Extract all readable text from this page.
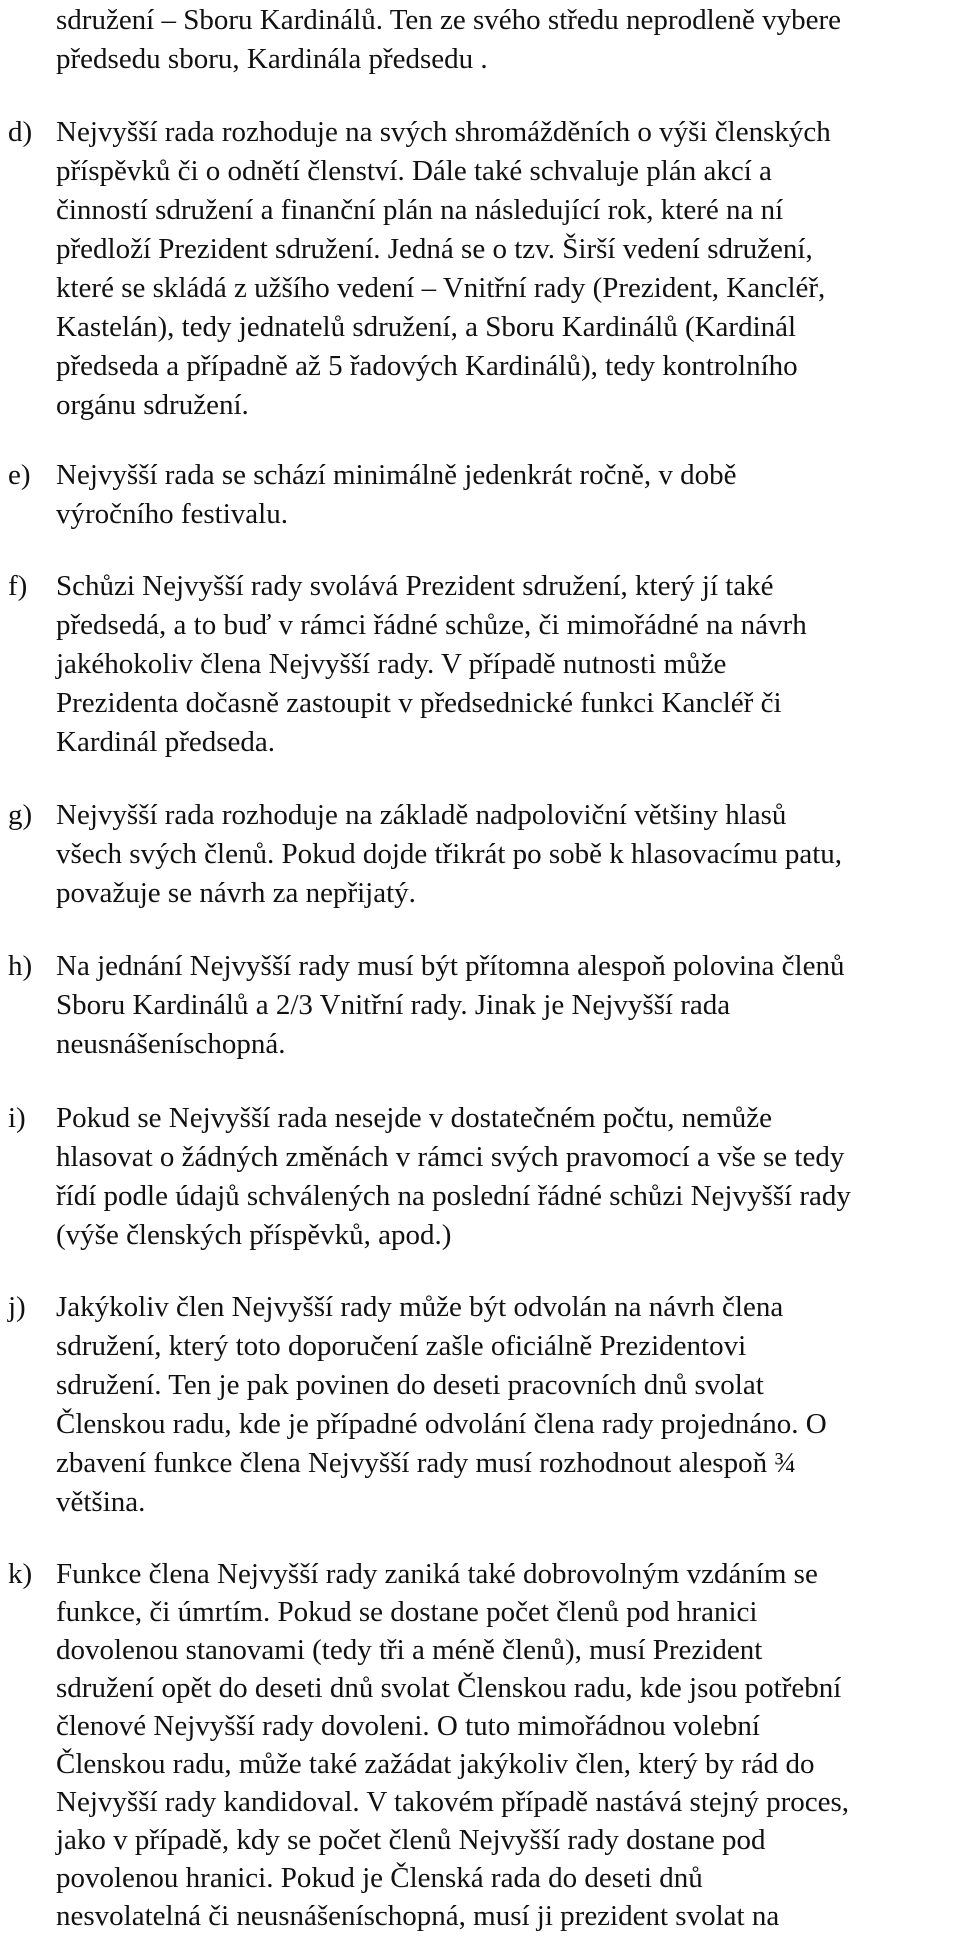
sdružení – Sboru Kardinálů. Ten ze svého středu neprodleně vybere
předsedu sboru, Kardinála předsedu .
d) Nejvyšší rada rozhoduje na svých shromážděních o výši členských
příspěvků či o odnětí členství. Dále také schvaluje plán akcí a
činností sdružení a finanční plán na následující rok, které na ní
předloží Prezident sdružení. Jedná se o tzv. Širší vedení sdružení,
které se skládá z užšího vedení – Vnitřní rady (Prezident, Kancléř,
Kastelán), tedy jednatelů sdružení, a Sboru Kardinálů (Kardinál
předseda a případně až 5 řadových Kardinálů), tedy kontrolního
orgánu sdružení.
e) Nejvyšší rada se schází minimálně jedenkrát ročně, v době
výročního festivalu.
f) Schůzi Nejvyšší rady svolává Prezident sdružení, který jí také
předsedá, a to buď v rámci řádné schůze, či mimořádné na návrh
jakéhokoliv člena Nejvyšší rady. V případě nutnosti může
Prezidenta dočasně zastoupit v předsednické funkci Kancléř či
Kardinál předseda.
g) Nejvyšší rada rozhoduje na základě nadpoloviční většiny hlasů
všech svých členů. Pokud dojde třikrát po sobě k hlasovacímu patu,
považuje se návrh za nepřijatý.
h) Na jednání Nejvyšší rady musí být přítomna alespoň polovina členů
Sboru Kardinálů a 2/3 Vnitřní rady. Jinak je Nejvyšší rada
neusnášeníschopná.
i) Pokud se Nejvyšší rada nesejde v dostatečném počtu, nemůže
hlasovat o žádných změnách v rámci svých pravomocí a vše se tedy
řídí podle údajů schválených na poslední řádné schůzi Nejvyšší rady
(výše členských příspěvků, apod.)
j) Jakýkoliv člen Nejvyšší rady může být odvolán na návrh člena
sdružení, který toto doporučení zašle oficiálně Prezidentovi
sdružení. Ten je pak povinen do deseti pracovních dnů svolat
Členskou radu, kde je případné odvolání člena rady projednáno. O
zbavení funkce člena Nejvyšší rady musí rozhodnout alespoň ¾
většina.
k) Funkce člena Nejvyšší rady zaniká také dobrovolným vzdáním se
funkce, či úmrtím. Pokud se dostane počet členů pod hranici
dovolenou stanovami (tedy tři a méně členů), musí Prezident
sdružení opět do deseti dnů svolat Členskou radu, kde jsou potřební
členové Nejvyšší rady dovoleni. O tuto mimořádnou volební
Členskou radu, může také zažádat jakýkoliv člen, který by rád do
Nejvyšší rady kandidoval. V takovém případě nastává stejný proces,
jako v případě, kdy se počet členů Nejvyšší rady dostane pod
povolenou hranici. Pokud je Členská rada do deseti dnů
nesvolatelná či neusnášeníschopná, musí ji prezident svolat na
